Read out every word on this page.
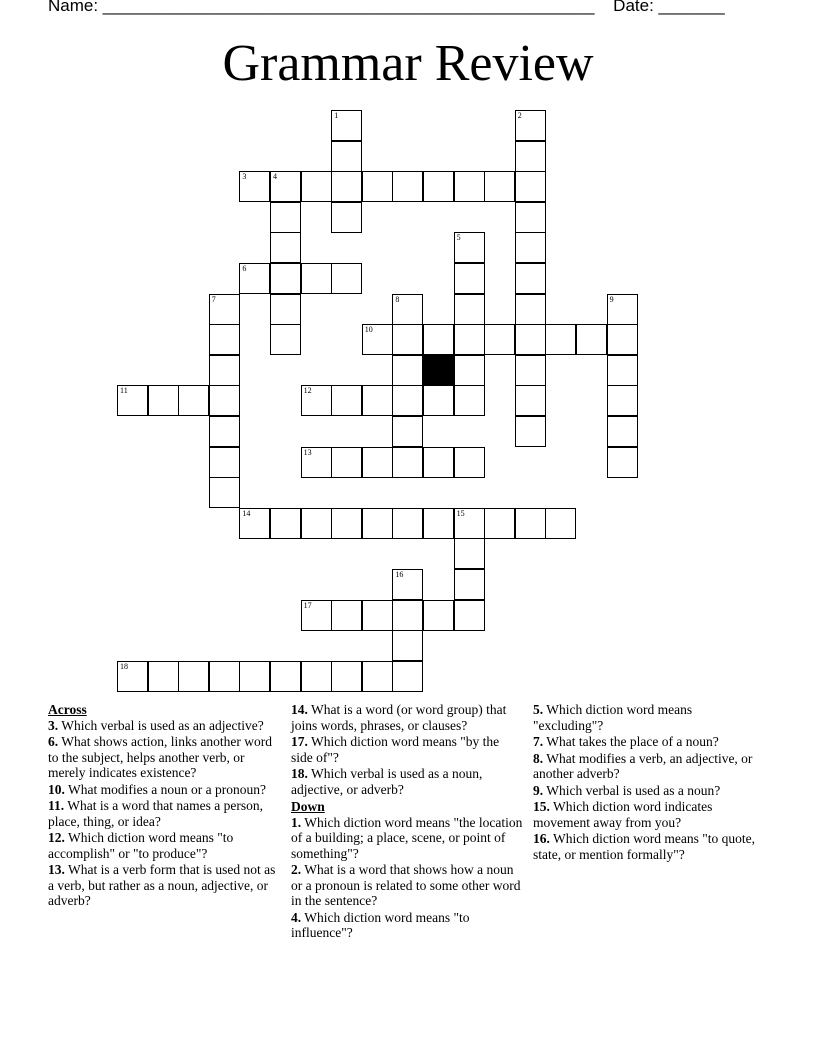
Name: ____________________________________________________ Date: _______
Grammar Review
1	2
3	4
5
6
7	8	9
10
11	12
13
14	15
16
17
18
Across
3. Which verbal is used as an adjective?
6. What shows action, links another word to the subject, helps another verb, or merely indicates existence?
10. What modifies a noun or a pronoun?
11. What is a word that names a person, place, thing, or idea?
12. Which diction word means "to accomplish" or "to produce"?
13. What is a verb form that is used not as a verb, but rather as a noun, adjective, or adverb?
14. What is a word (or word group) that joins words, phrases, or clauses?
17. Which diction word means "by the side of"?
18. Which verbal is used as a noun, adjective, or adverb?
Down
1. Which diction word means "the location of a building; a place, scene, or point of something"?
2. What is a word that shows how a noun or a pronoun is related to some other word in the sentence?
4. Which diction word means "to influence"?
5. Which diction word means "excluding"?
7. What takes the place of a noun?
8. What modifies a verb, an adjective, or another adverb?
9. Which verbal is used as a noun?
15. Which diction word indicates movement away from you?
16. Which diction word means "to quote, state, or mention formally"?
